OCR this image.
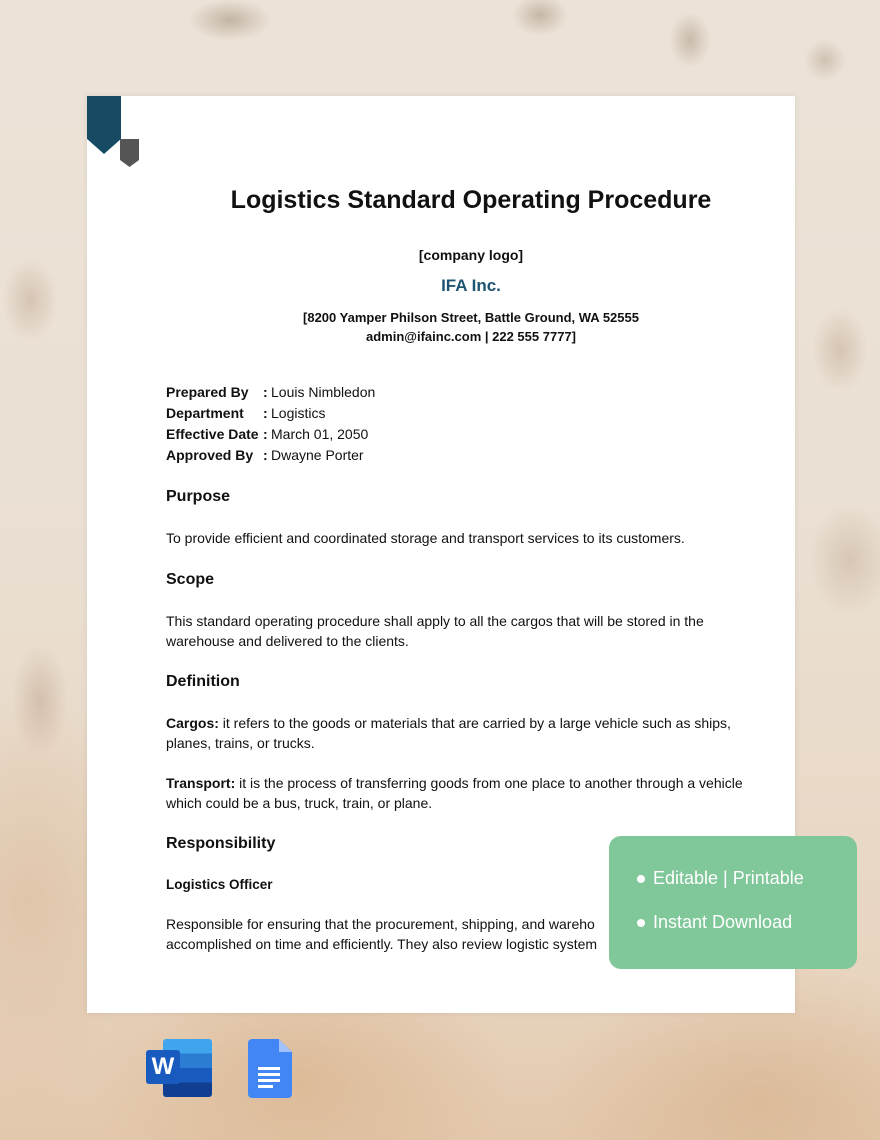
Logistics Standard Operating Procedure
[company logo]
IFA Inc.
[8200 Yamper Philson Street, Battle Ground, WA 52555
admin@ifainc.com | 222 555 7777]
Prepared By	: Louis Nimbledon
Department	: Logistics
Effective Date : March 01, 2050
Approved By : Dwayne Porter
Purpose
To provide efficient and coordinated storage and transport services to its customers.
Scope
This standard operating procedure shall apply to all the cargos that will be stored in the warehouse and delivered to the clients.
Definition
Cargos: it refers to the goods or materials that are carried by a large vehicle such as ships, planes, trains, or trucks.
Transport: it is the process of transferring goods from one place to another through a vehicle which could be a bus, truck, train, or plane.
Responsibility
Logistics Officer
Responsible for ensuring that the procurement, shipping, and wareho
accomplished on time and efficiently. They also review logistic system
Editable | Printable
Instant Download
W
